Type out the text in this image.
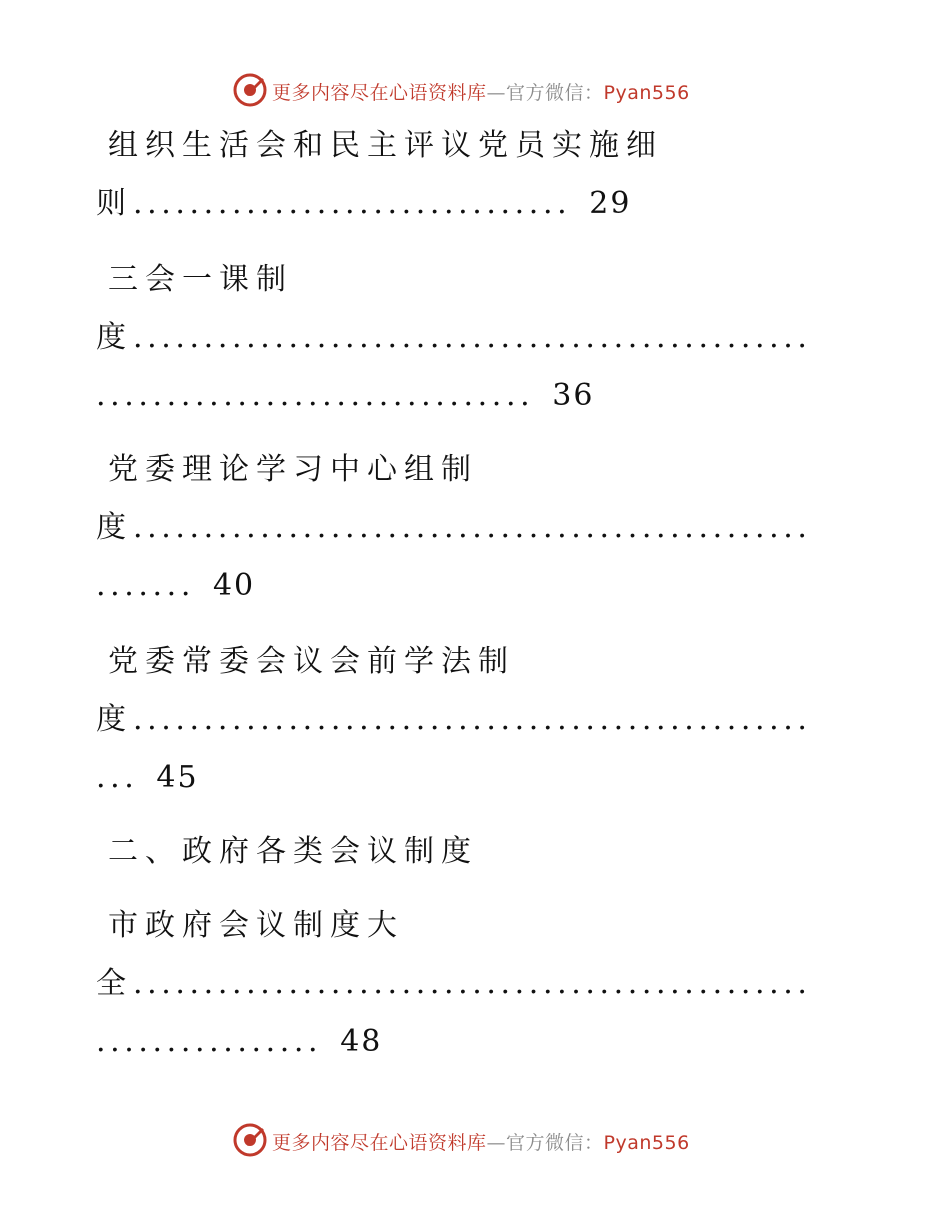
更多内容尽在心语资料库—官方微信：Pyan556
组织生活会和民主评议党员实施细
则............................... 29
三会一课制
度................................................
............................... 36
党委理论学习中心组制
度................................................
....... 40
党委常委会议会前学法制
度................................................
... 45
二、政府各类会议制度
市政府会议制度大
全................................................
................ 48
更多内容尽在心语资料库—官方微信：Pyan556
